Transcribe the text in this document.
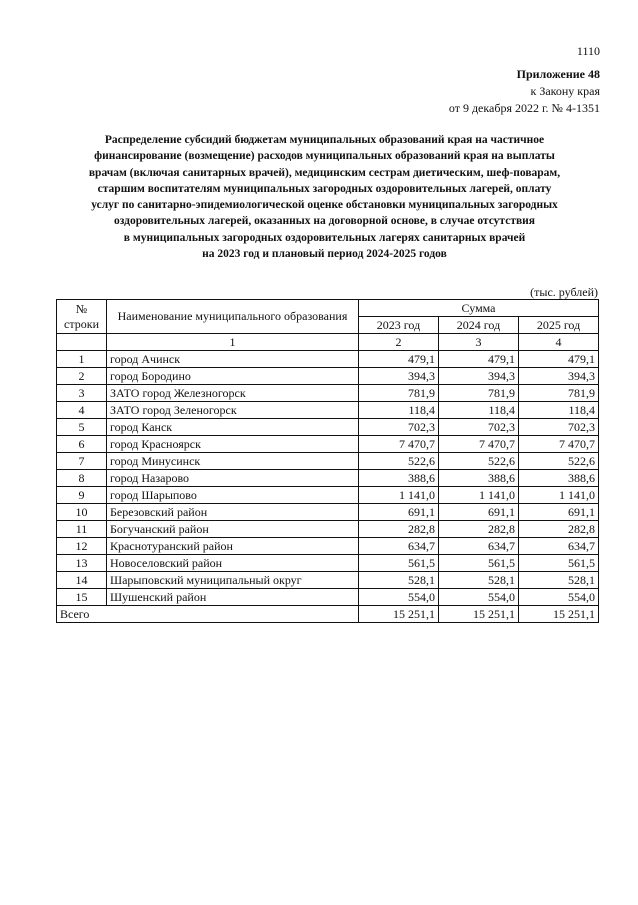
1110
Приложение 48
к Закону края
от 9 декабря 2022 г. № 4-1351
Распределение субсидий бюджетам муниципальных образований края на частичное
финансирование (возмещение) расходов муниципальных образований края на выплаты
врачам (включая санитарных врачей), медицинским сестрам диетическим, шеф-поварам,
старшим воспитателям муниципальных загородных оздоровительных лагерей, оплату
услуг по санитарно-эпидемиологической оценке обстановки муниципальных загородных
оздоровительных лагерей, оказанных на договорной основе, в случае отсутствия
в муниципальных загородных оздоровительных лагерях санитарных врачей
на 2023 год и плановый период 2024-2025 годов
(тыс. рублей)
№ строки	Наименование муниципального образования	Сумма		
		2023 год	2024 год	2025 год
	1	2	3	4
1	город Ачинск	479,1	479,1	479,1
2	город Бородино	394,3	394,3	394,3
3	ЗАТО город Железногорск	781,9	781,9	781,9
4	ЗАТО город Зеленогорск	118,4	118,4	118,4
5	город Канск	702,3	702,3	702,3
6	город Красноярск	7 470,7	7 470,7	7 470,7
7	город Минусинск	522,6	522,6	522,6
8	город Назарово	388,6	388,6	388,6
9	город Шарыпово	1 141,0	1 141,0	1 141,0
10	Березовский район	691,1	691,1	691,1
11	Богучанский район	282,8	282,8	282,8
12	Краснотуранский район	634,7	634,7	634,7
13	Новоселовский район	561,5	561,5	561,5
14	Шарыповский муниципальный округ	528,1	528,1	528,1
15	Шушенский район	554,0	554,0	554,0
Всего		15 251,1	15 251,1	15 251,1
